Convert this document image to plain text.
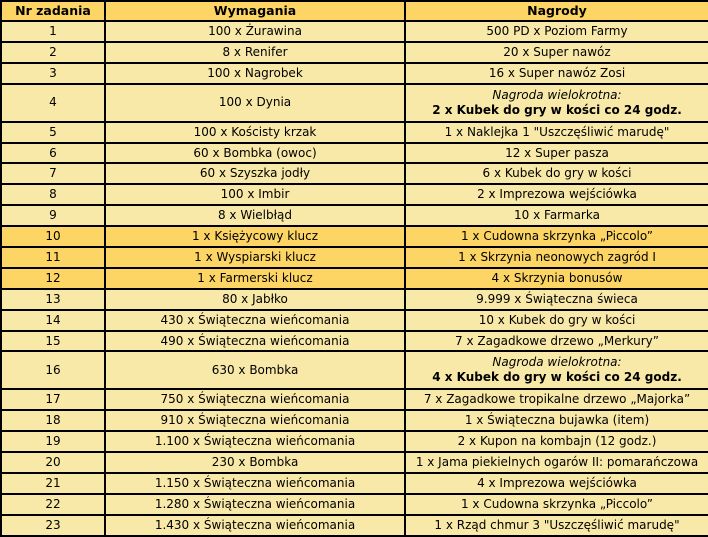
Nr zadania	Wymagania	Nagrody
1	100 x Żurawina	500 PD x Poziom Farmy
2	8 x Renifer	20 x Super nawóz
3	100 x Nagrobek	16 x Super nawóz Zosi
4	100 x Dynia	Nagroda wielokrotna:
2 x Kubek do gry w kości co 24 godz.

5	100 x Kościsty krzak	1 x Naklejka 1 "Uszczęśliwić marudę"
6	60 x Bombka (owoc)	12 x Super pasza
7	60 x Szyszka jodły	6 x Kubek do gry w kości
8	100 x Imbir	2 x Imprezowa wejściówka
9	8 x Wielbłąd	10 x Farmarka
10	1 x Księżycowy klucz	1 x Cudowna skrzynka „Piccolo”
11	1 x Wyspiarski klucz	1 x Skrzynia neonowych zagród I
12	1 x Farmerski klucz	4 x Skrzynia bonusów
13	80 x Jabłko	9.999 x Świąteczna świeca
14	430 x Świąteczna wieńcomania	10 x Kubek do gry w kości
15	490 x Świąteczna wieńcomania	7 x Zagadkowe drzewo „Merkury”
16	630 x Bombka	Nagroda wielokrotna:
4 x Kubek do gry w kości co 24 godz.

17	750 x Świąteczna wieńcomania	7 x Zagadkowe tropikalne drzewo „Majorka”
18	910 x Świąteczna wieńcomania	1 x Świąteczna bujawka (item)
19	1.100 x Świąteczna wieńcomania	2 x Kupon na kombajn (12 godz.)
20	230 x Bombka	1 x Jama piekielnych ogarów II: pomarańczowa
21	1.150 x Świąteczna wieńcomania	4 x Imprezowa wejściówka
22	1.280 x Świąteczna wieńcomania	1 x Cudowna skrzynka „Piccolo”
23	1.430 x Świąteczna wieńcomania	1 x Rząd chmur 3 "Uszczęśliwić marudę"
